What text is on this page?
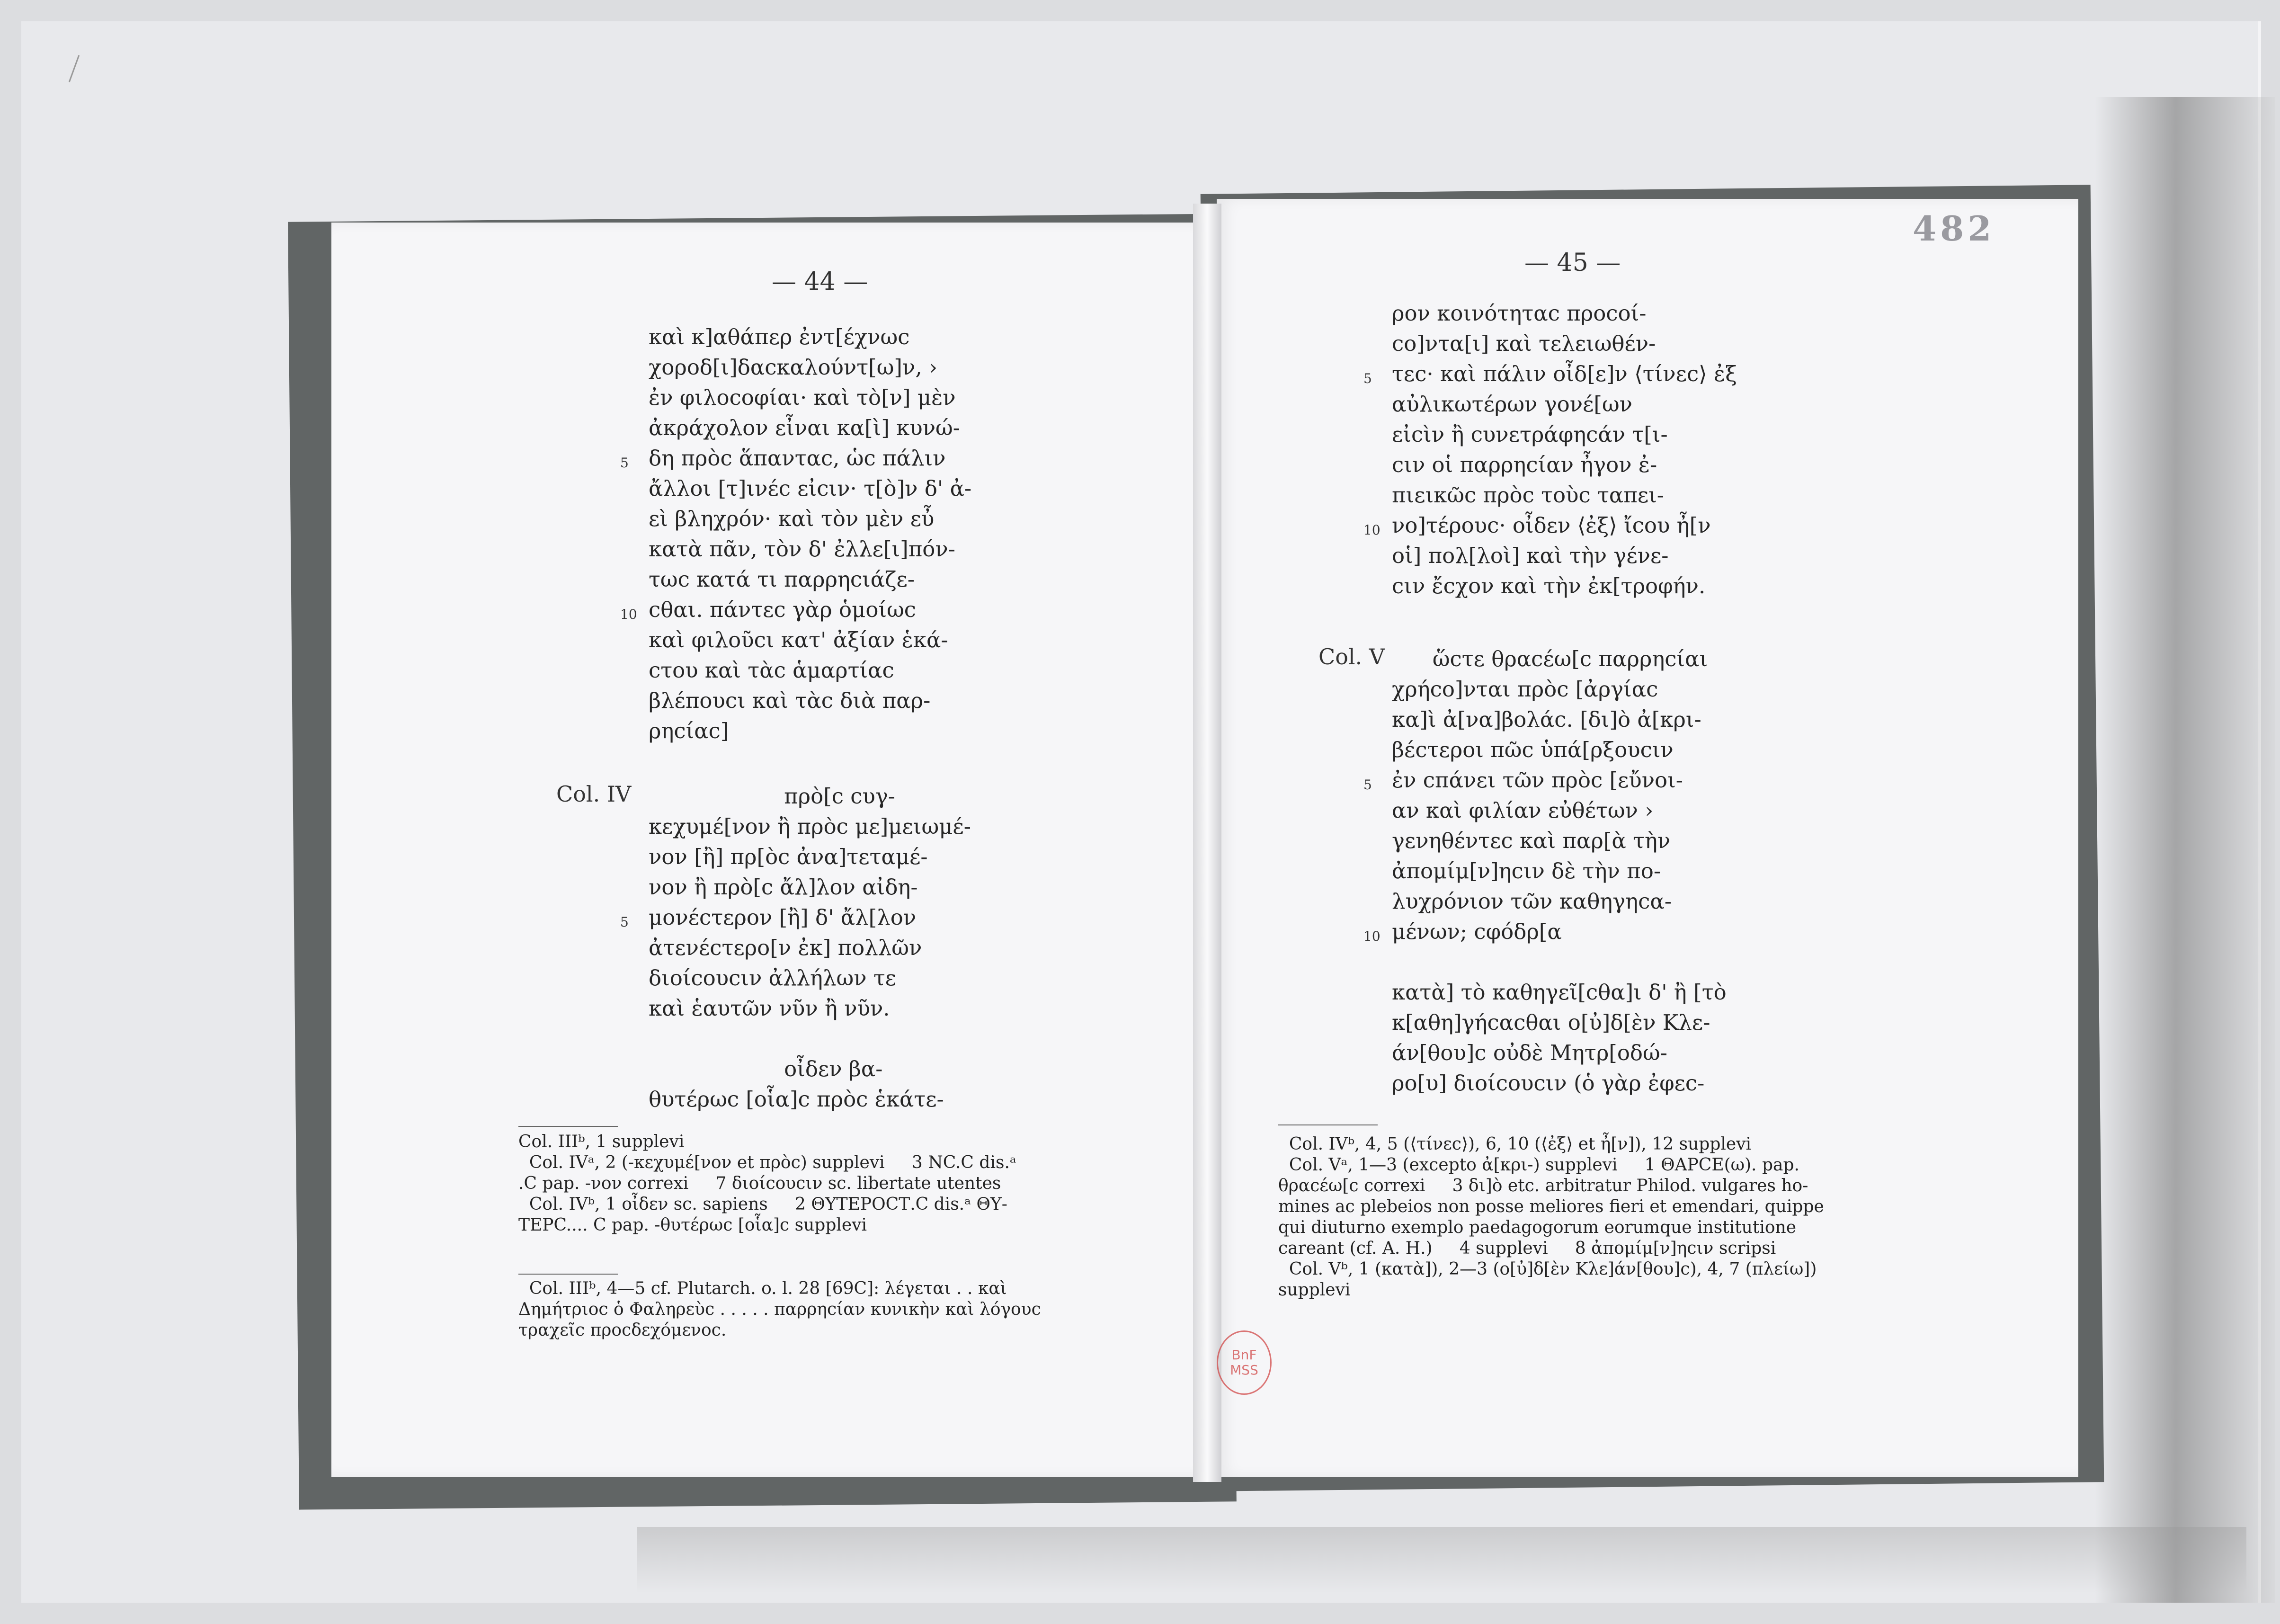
482
— 44 —
— 45 —
καὶ κ]αθάπερ ἐντ[έχνωϲ
χοροδ[ι]δαϲκαλούντ[ω]ν, ›
ἐν φιλοϲοφίαι· καὶ τὸ[ν] μὲν
ἀκράχολον εἶναι κα[ὶ] κυνώ-
5 δη πρὸϲ ἅπανταϲ, ὡϲ πάλιν
ἄλλοι [τ]ινέϲ εἰϲιν· τ[ὸ]ν δ' ἀ-
εὶ βληχρόν· καὶ τὸν μὲν εὖ
κατὰ πᾶν, τὸν δ' ἐλλε[ι]πόν-
τωϲ κατά τι παρρηϲιάζε-
10 ϲθαι. πάντεϲ γὰρ ὁμοίωϲ
καὶ φιλοῦϲι κατ' ἀξίαν ἑκά-
ϲτου καὶ τὰϲ ἁμαρτίαϲ
βλέπουϲι καὶ τὰϲ διὰ παρ-
ρηϲίαϲ]
Col. IV πρὸ[ϲ ϲυγ-
κεχυμέ[νον ἢ πρὸϲ με]μειωμέ-
νον [ἢ] πρ[ὸϲ ἀνα]τεταμέ-
νον ἢ πρὸ[ϲ ἄλ]λον αἰδη-
5 μονέϲτερον [ἢ] δ' ἄλ[λον
ἀτενέϲτερο[ν ἐκ] πολλῶν
διοίϲουϲιν ἀλλήλων τε
καὶ ἑαυτῶν νῦν ἢ νῦν.
οἶδεν βα-
θυτέρωϲ [οἷα]ϲ πρὸϲ ἑκάτε-
Col. IIIᵇ, 1 supplevi
Col. IVᵃ, 2 (-κεχυμέ[νον et πρὸϲ) supplevi     3 NC.C dis.ᵃ
.C pap. -νον correxi     7 διοίϲουϲιν sc. libertate utentes
Col. IVᵇ, 1 οἶδεν sc. sapiens     2 ΘΥΤΕΡΟCΤ.C dis.ᵃ ΘΥ-
ΤΕΡC.... C pap. -θυτέρωϲ [οἷα]ϲ supplevi
Col. IIIᵇ, 4—5 cf. Plutarch. o. l. 28 [69C]: λέγεται . . καὶ
Δημήτριοϲ ὁ Φαληρεὺϲ . . . . . παρρηϲίαν κυνικὴν καὶ λόγουϲ
τραχεῖϲ προϲδεχόμενοϲ.
ρον κοινότηταϲ προϲοί-
ϲο]ντα[ι] καὶ τελειωθέν-
5 τεϲ· καὶ πάλιν οἶδ[ε]ν ⟨τίνεϲ⟩ ἐξ
αὐλικωτέρων γονέ[ων
εἰϲὶν ἢ ϲυνετράφηϲάν τ[ι-
ϲιν οἱ παρρηϲίαν ἦγον ἐ-
πιεικῶϲ πρὸϲ τοὺϲ ταπει-
10 νο]τέρουϲ· οἶδεν ⟨ἐξ⟩ ἴϲου ἦ[ν
οἱ] πολ[λοὶ] καὶ τὴν γένε-
ϲιν ἔϲχον καὶ τὴν ἐκ[τροφήν.
Col. V ὥϲτε θραϲέω[ϲ παρρηϲίαι
χρήϲο]νται πρὸϲ [ἀργίαϲ
κα]ὶ ἀ[να]βολάϲ. [δι]ὸ ἀ[κρι-
βέϲτεροι πῶϲ ὑπά[ρξουϲιν
5 ἐν ϲπάνει τῶν πρὸϲ [εὔνοι-
αν καὶ φιλίαν εὐθέτων ›
γενηθέντεϲ καὶ παρ[ὰ τὴν
ἀπομίμ[ν]ηϲιν δὲ τὴν πο-
λυχρόνιον τῶν καθηγηϲα-
10 μένων; ϲφόδρ[α
κατὰ] τὸ καθηγεῖ[ϲθα]ι δ' ἢ [τὸ
κ[αθη]γήϲαϲθαι ο[ὐ]δ[ὲν Κλε-
άν[θου]ϲ οὐδὲ Μητρ[οδώ-
ρο[υ] διοίϲουϲιν (ὁ γὰρ ἐφεϲ-
Col. IVᵇ, 4, 5 (⟨τίνεϲ⟩), 6, 10 (⟨ἐξ⟩ et ἦ[ν]), 12 supplevi
Col. Vᵃ, 1—3 (excepto ἀ[κρι-) supplevi     1 ΘΑΡCΕ(ω). pap.
θραϲέω[ϲ correxi     3 δι]ὸ etc. arbitratur Philod. vulgares ho-
mines ac plebeios non posse meliores fieri et emendari, quippe
qui diuturno exemplo paedagogorum eorumque institutione
careant (cf. A. H.)     4 supplevi     8 ἀπομίμ[ν]ηϲιν scripsi
Col. Vᵇ, 1 (κατὰ]), 2—3 (ο[ὐ]δ[ὲν Κλε]άν[θου]ϲ), 4, 7 (πλείω])
supplevi
BnF
MSS
